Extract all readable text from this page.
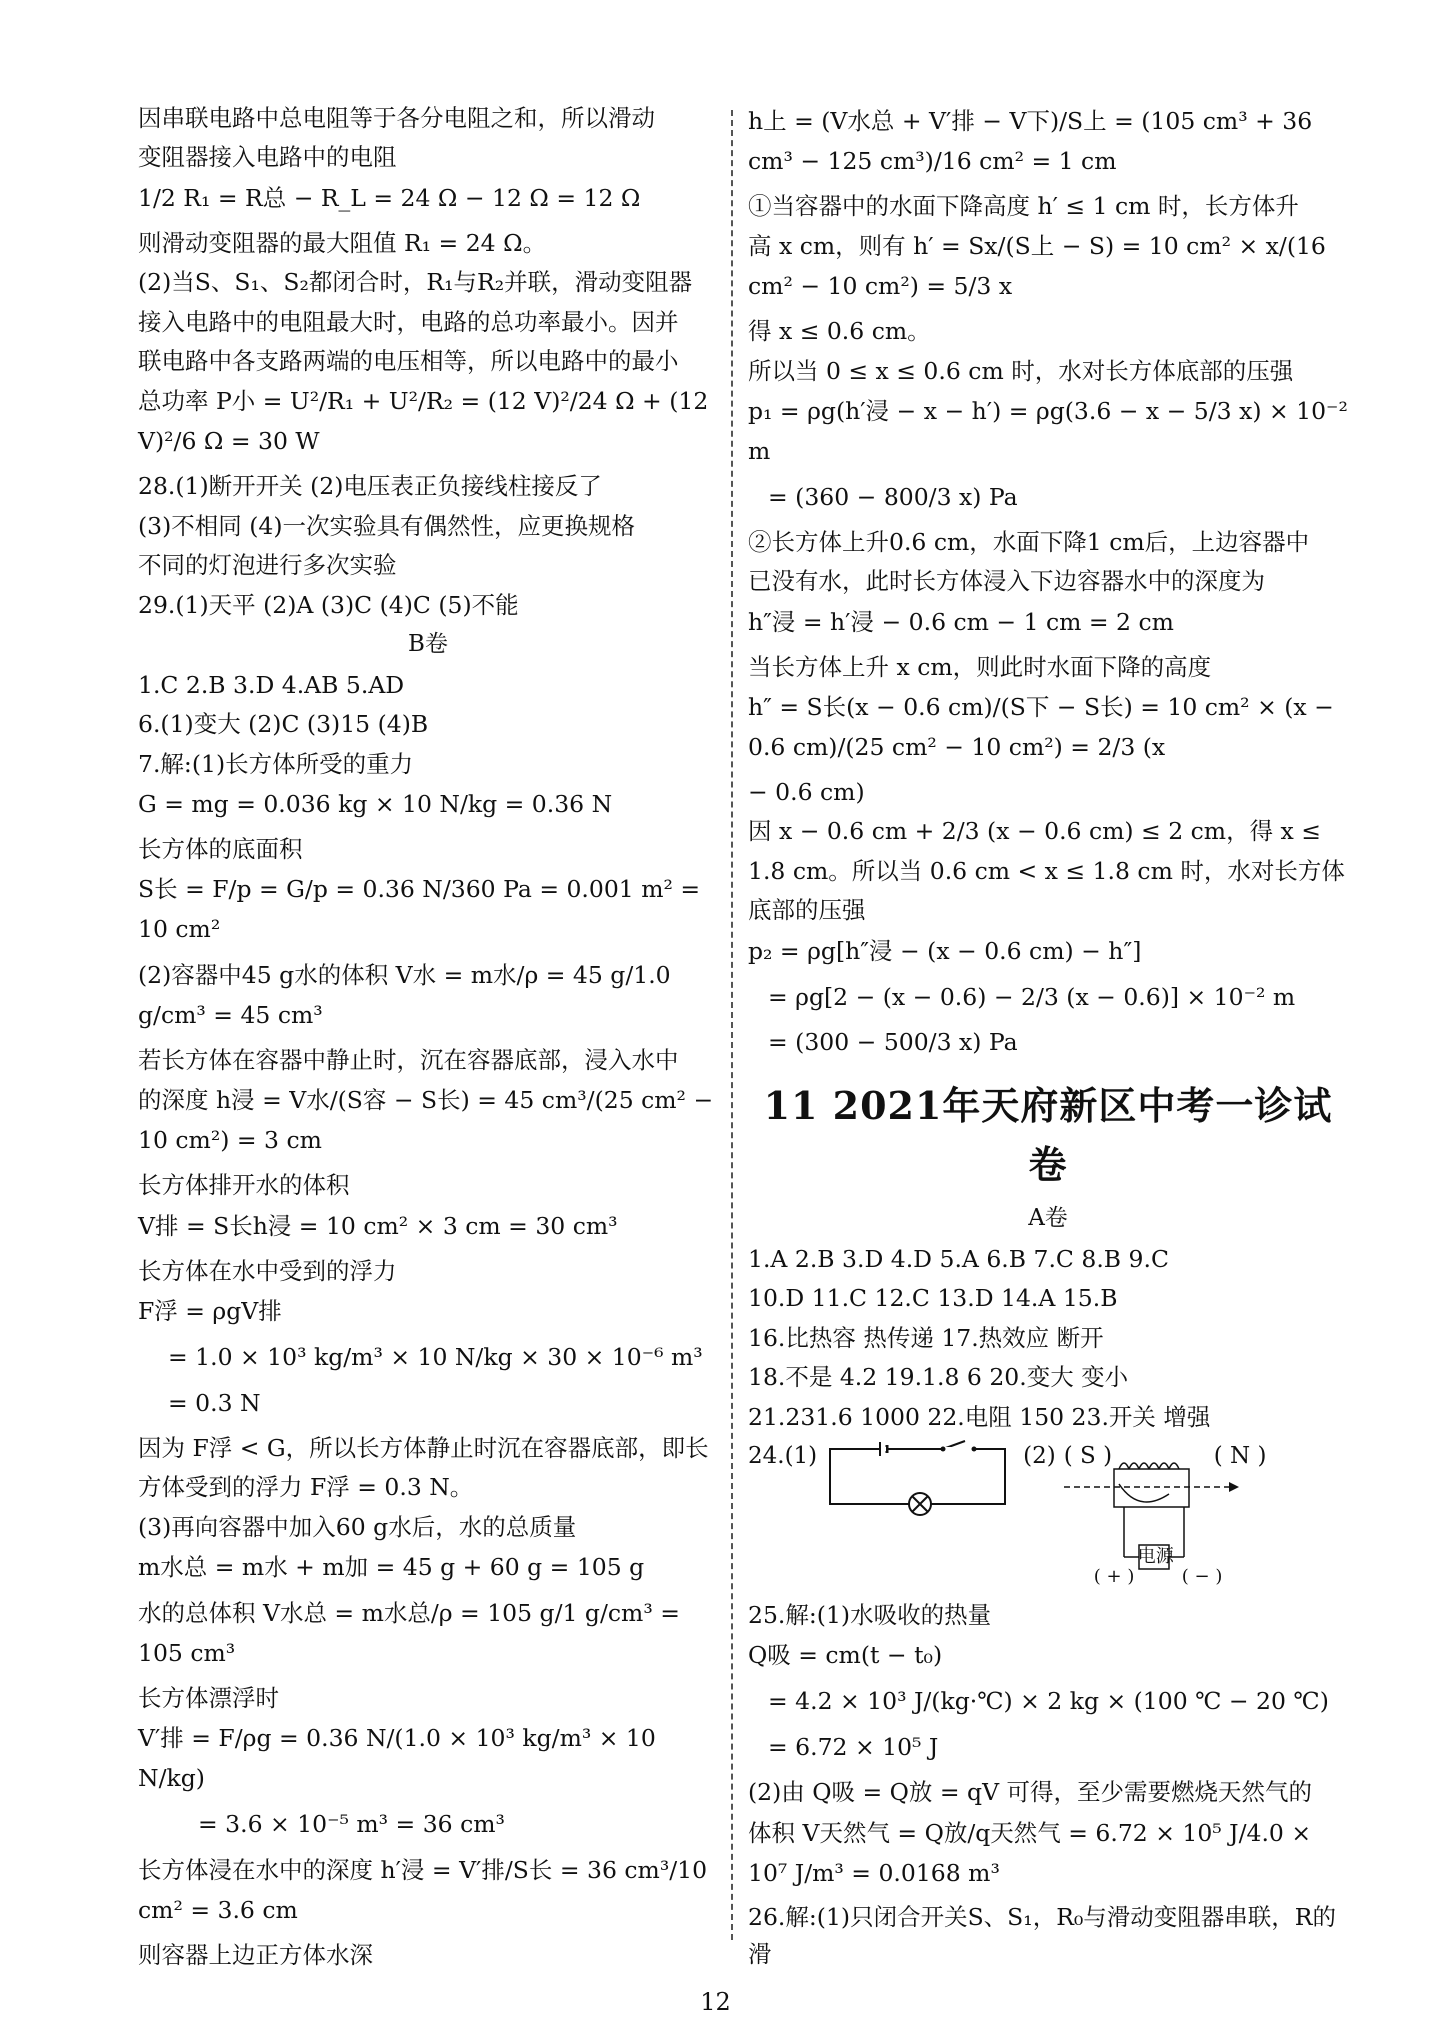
因串联电路中总电阻等于各分电阻之和，所以滑动
变阻器接入电路中的电阻
1/2 R₁ = R总 − R_L = 24 Ω − 12 Ω = 12 Ω
则滑动变阻器的最大阻值 R₁ = 24 Ω。
(2)当S、S₁、S₂都闭合时，R₁与R₂并联，滑动变阻器
接入电路中的电阻最大时，电路的总功率最小。因并
联电路中各支路两端的电压相等，所以电路中的最小
总功率 P小 = U²/R₁ + U²/R₂ = (12 V)²/24 Ω + (12 V)²/6 Ω = 30 W
28.(1)断开开关 (2)电压表正负接线柱接反了
(3)不相同 (4)一次实验具有偶然性，应更换规格
不同的灯泡进行多次实验
29.(1)天平 (2)A (3)C (4)C (5)不能
B卷
1.C 2.B 3.D 4.AB 5.AD
6.(1)变大 (2)C (3)15 (4)B
7.解:(1)长方体所受的重力
G = mg = 0.036 kg × 10 N/kg = 0.36 N
长方体的底面积
S长 = F/p = G/p = 0.36 N/360 Pa = 0.001 m² = 10 cm²
(2)容器中45 g水的体积 V水 = m水/ρ = 45 g/1.0 g/cm³ = 45 cm³
若长方体在容器中静止时，沉在容器底部，浸入水中
的深度 h浸 = V水/(S容 − S长) = 45 cm³/(25 cm² − 10 cm²) = 3 cm
长方体排开水的体积
V排 = S长h浸 = 10 cm² × 3 cm = 30 cm³
长方体在水中受到的浮力
F浮 = ρgV排
= 1.0 × 10³ kg/m³ × 10 N/kg × 30 × 10⁻⁶ m³
= 0.3 N
因为 F浮 < G，所以长方体静止时沉在容器底部，即长
方体受到的浮力 F浮 = 0.3 N。
(3)再向容器中加入60 g水后，水的总质量
m水总 = m水 + m加 = 45 g + 60 g = 105 g
水的总体积 V水总 = m水总/ρ = 105 g/1 g/cm³ = 105 cm³
长方体漂浮时
V′排 = F/ρg = 0.36 N/(1.0 × 10³ kg/m³ × 10 N/kg)
= 3.6 × 10⁻⁵ m³ = 36 cm³
长方体浸在水中的深度 h′浸 = V′排/S长 = 36 cm³/10 cm² = 3.6 cm
则容器上边正方体水深
h上 = (V水总 + V′排 − V下)/S上 = (105 cm³ + 36 cm³ − 125 cm³)/16 cm² = 1 cm
①当容器中的水面下降高度 h′ ≤ 1 cm 时，长方体升
高 x cm，则有 h′ = Sx/(S上 − S) = 10 cm² × x/(16 cm² − 10 cm²) = 5/3 x
得 x ≤ 0.6 cm。
所以当 0 ≤ x ≤ 0.6 cm 时，水对长方体底部的压强
p₁ = ρg(h′浸 − x − h′) = ρg(3.6 − x − 5/3 x) × 10⁻² m
= (360 − 800/3 x) Pa
②长方体上升0.6 cm，水面下降1 cm后，上边容器中
已没有水，此时长方体浸入下边容器水中的深度为
h″浸 = h′浸 − 0.6 cm − 1 cm = 2 cm
当长方体上升 x cm，则此时水面下降的高度
h″ = S长(x − 0.6 cm)/(S下 − S长) = 10 cm² × (x − 0.6 cm)/(25 cm² − 10 cm²) = 2/3 (x
− 0.6 cm)
因 x − 0.6 cm + 2/3 (x − 0.6 cm) ≤ 2 cm，得 x ≤
1.8 cm。所以当 0.6 cm < x ≤ 1.8 cm 时，水对长方体
底部的压强
p₂ = ρg[h″浸 − (x − 0.6 cm) − h″]
= ρg[2 − (x − 0.6) − 2/3 (x − 0.6)] × 10⁻² m
= (300 − 500/3 x) Pa
11 2021年天府新区中考一诊试卷
A卷
1.A 2.B 3.D 4.D 5.A 6.B 7.C 8.B 9.C
10.D 11.C 12.C 13.D 14.A 15.B
16.比热容 热传递 17.热效应 断开
18.不是 4.2 19.1.8 6 20.变大 变小
21.231.6 1000 22.电阻 150 23.开关 增强
24.(1)	(2) ( S )	( N )
电源
( + )	( − )
25.解:(1)水吸收的热量
Q吸 = cm(t − t₀)
= 4.2 × 10³ J/(kg·℃) × 2 kg × (100 ℃ − 20 ℃)
= 6.72 × 10⁵ J
(2)由 Q吸 = Q放 = qV 可得，至少需要燃烧天然气的
体积 V天然气 = Q放/q天然气 = 6.72 × 10⁵ J/4.0 × 10⁷ J/m³ = 0.0168 m³
26.解:(1)只闭合开关S、S₁，R₀与滑动变阻器串联，R的滑
12
